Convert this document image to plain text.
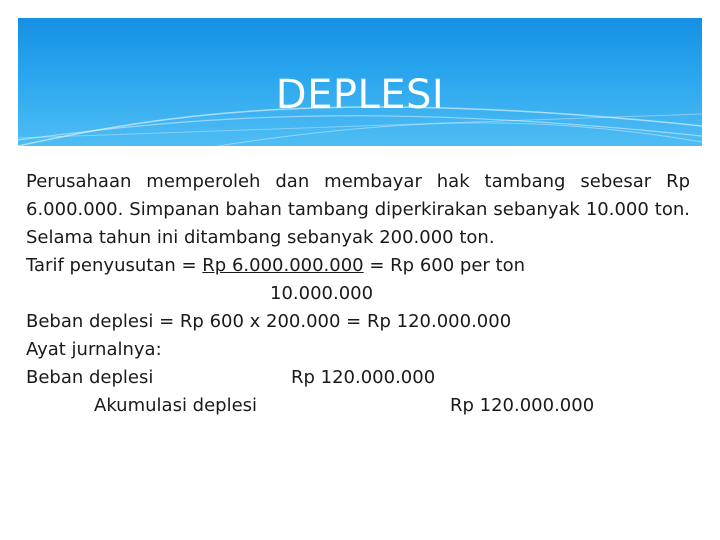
DEPLESI

Perusahaan memperoleh dan membayar hak tambang sebesar Rp 6.000.000. Simpanan bahan tambang diperkirakan sebanyak 10.000 ton. Selama tahun ini ditambang sebanyak 200.000 ton.

Tarif penyusutan = Rp 6.000.000.000 = Rp 600 per ton
10.000.000
Beban deplesi = Rp 600 x 200.000 = Rp 120.000.000
Ayat jurnalnya:
Beban deplesi	Rp 120.000.000
Akumulasi deplesi	Rp 120.000.000
